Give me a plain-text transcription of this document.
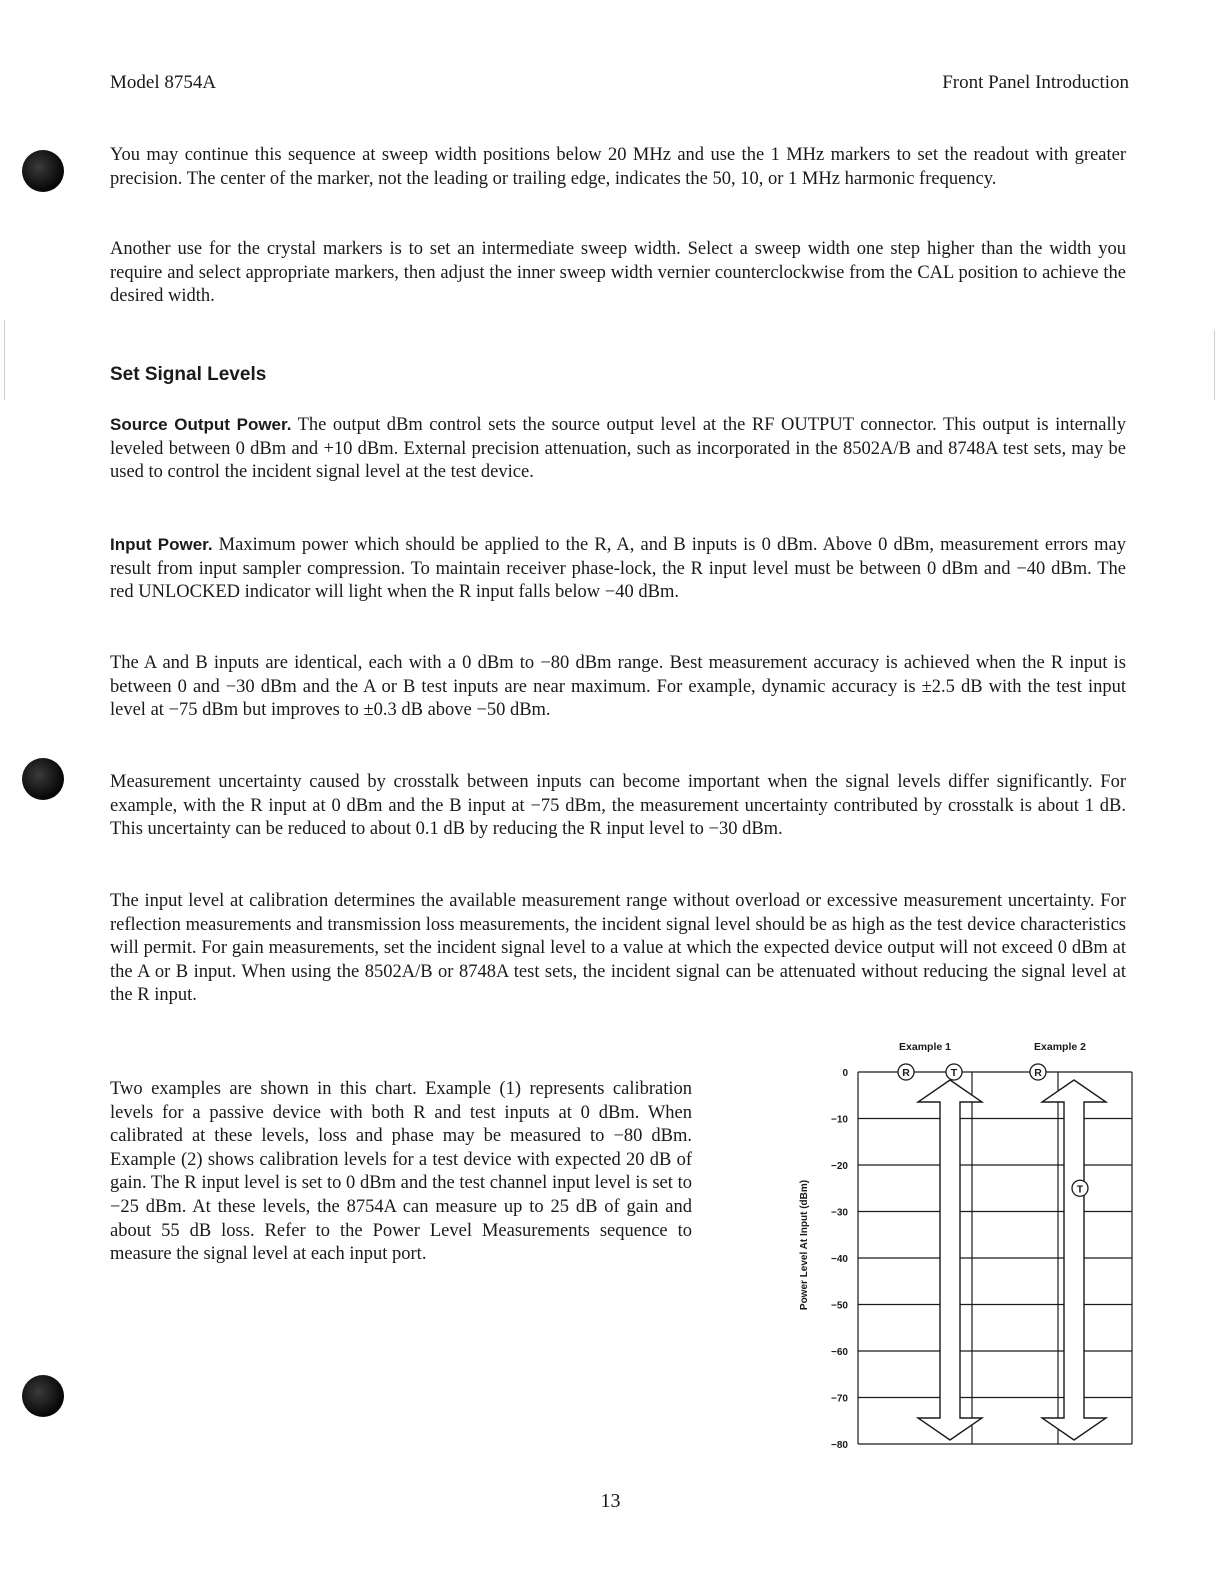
Model 8754A	Front Panel Introduction

You may continue this sequence at sweep width positions below 20 MHz and use the 1 MHz markers to set the readout with greater precision. The center of the marker, not the leading or trailing edge, indicates the 50, 10, or 1 MHz harmonic frequency.

Another use for the crystal markers is to set an intermediate sweep width. Select a sweep width one step higher than the width you require and select appropriate markers, then adjust the inner sweep width vernier counterclockwise from the CAL position to achieve the desired width.

Set Signal Levels

Source Output Power. The output dBm control sets the source output level at the RF OUTPUT connector. This output is internally leveled between 0 dBm and +10 dBm. External precision attenuation, such as incorporated in the 8502A/B and 8748A test sets, may be used to control the incident signal level at the test device.

Input Power. Maximum power which should be applied to the R, A, and B inputs is 0 dBm. Above 0 dBm, measurement errors may result from input sampler compression. To maintain receiver phase-lock, the R input level must be between 0 dBm and −40 dBm. The red UNLOCKED indicator will light when the R input falls below −40 dBm.

The A and B inputs are identical, each with a 0 dBm to −80 dBm range. Best measurement accuracy is achieved when the R input is between 0 and −30 dBm and the A or B test inputs are near maximum. For example, dynamic accuracy is ±2.5 dB with the test input level at −75 dBm but improves to ±0.3 dB above −50 dBm.

Measurement uncertainty caused by crosstalk between inputs can become important when the signal levels differ significantly. For example, with the R input at 0 dBm and the B input at −75 dBm, the measurement uncertainty contributed by crosstalk is about 1 dB. This uncertainty can be reduced to about 0.1 dB by reducing the R input level to −30 dBm.

The input level at calibration determines the available measurement range without overload or excessive measurement uncertainty. For reflection measurements and transmission loss measurements, the incident signal level should be as high as the test device characteristics will permit. For gain measurements, set the incident signal level to a value at which the expected device output will not exceed 0 dBm at the A or B input. When using the 8502A/B or 8748A test sets, the incident signal can be attenuated without reducing the signal level at the R input.

Two examples are shown in this chart. Example (1) represents calibration levels for a passive device with both R and test inputs at 0 dBm. When calibrated at these levels, loss and phase may be measured to −80 dBm. Example (2) shows calibration levels for a test device with expected 20 dB of gain. The R input level is set to 0 dBm and the test channel input level is set to −25 dBm. At these levels, the 8754A can measure up to 25 dB of gain and about 55 dB loss. Refer to the Power Level Measurements sequence to measure the signal level at each input port.	Power Level At Input (dBm)
Example 1	Example 2
0
−10
−20
−30
−40
−50
−60
−70
−80
R	T	R
T
13
